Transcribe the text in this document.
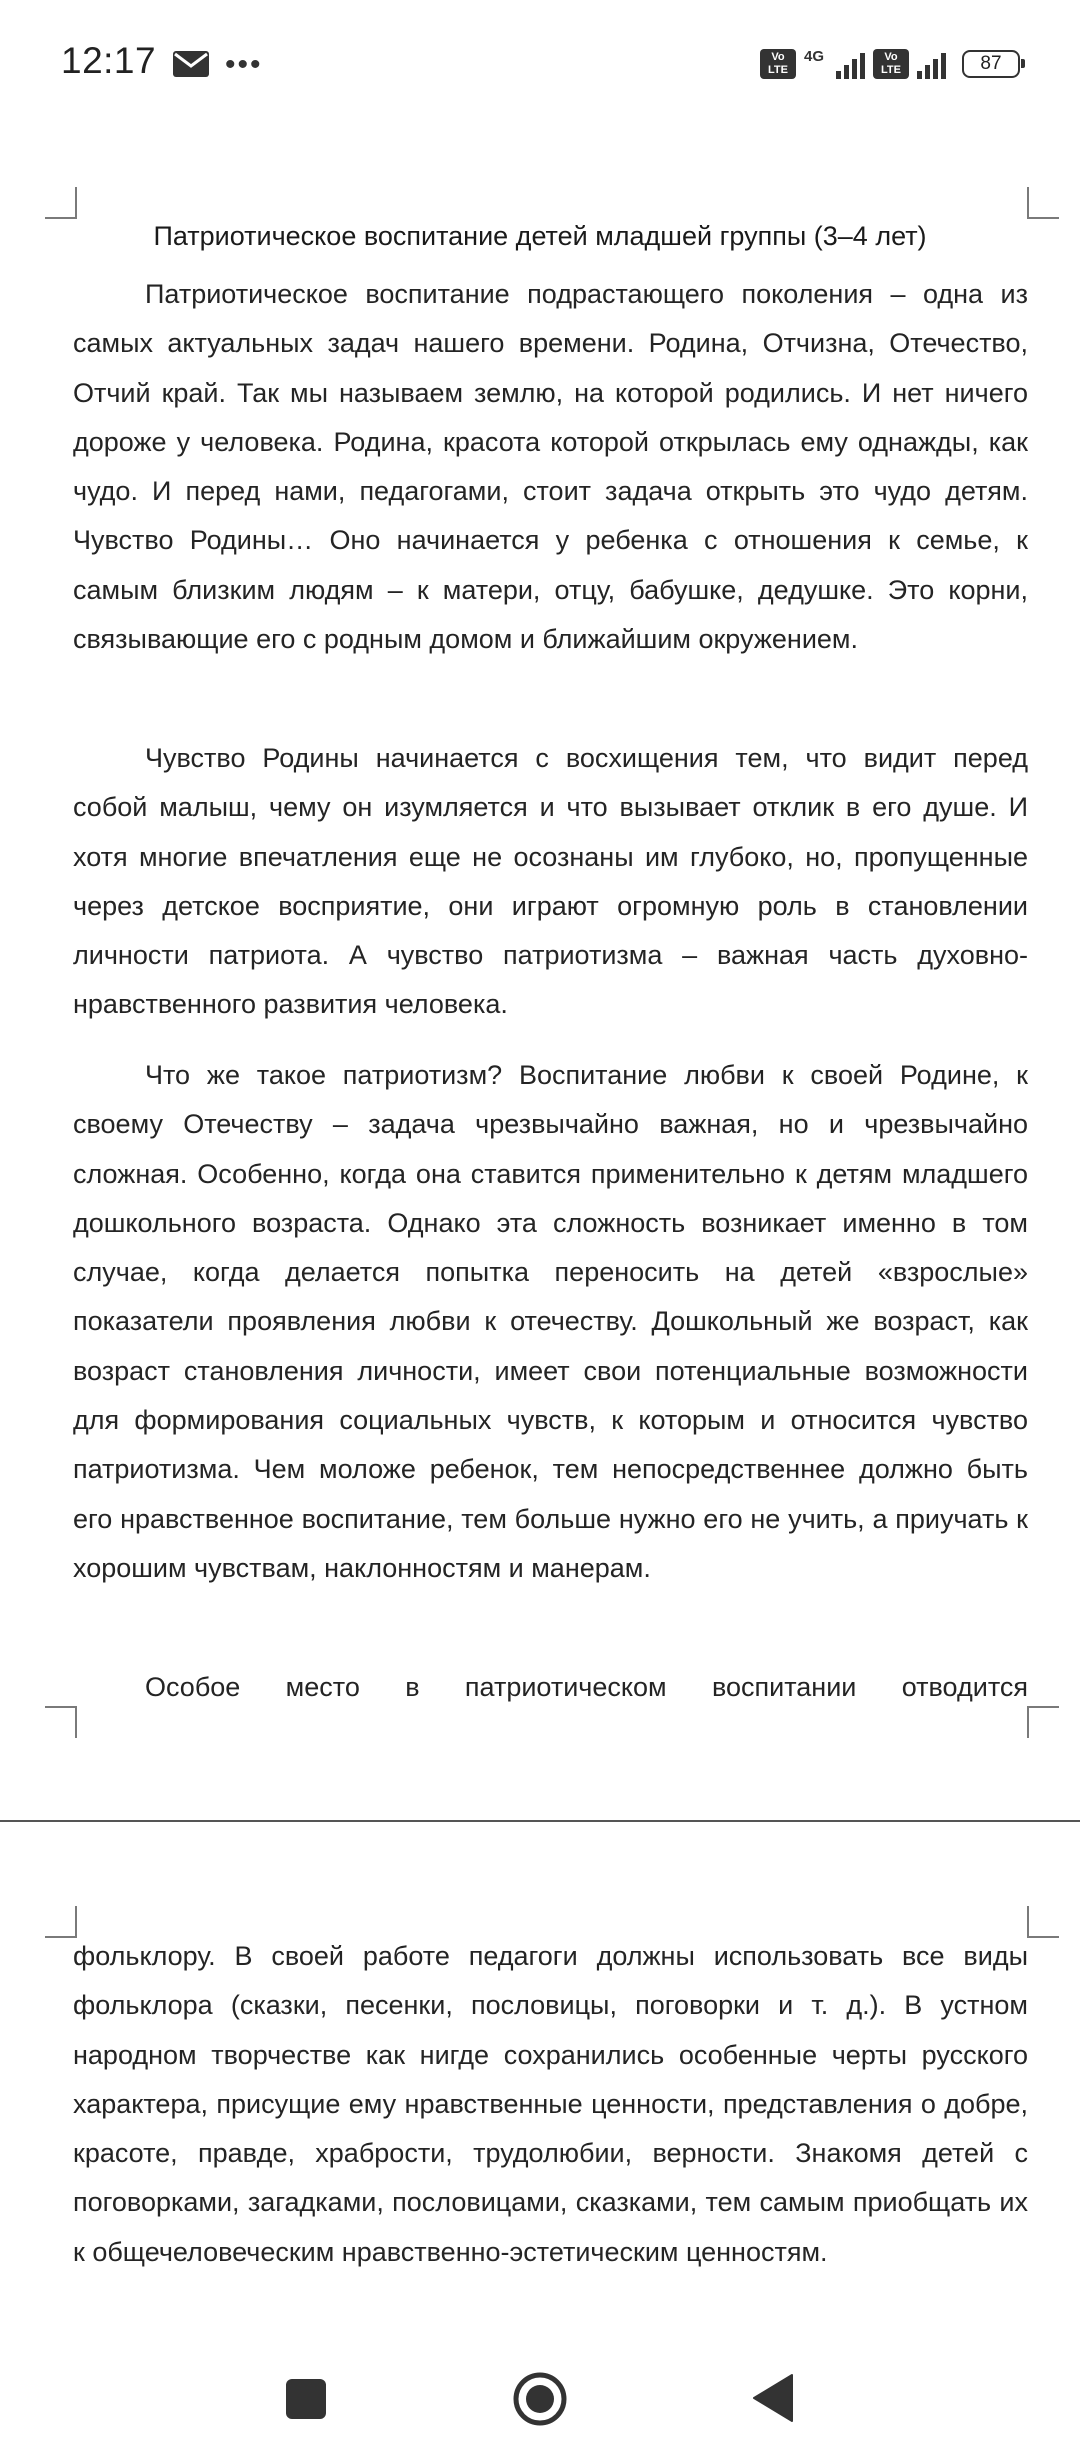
12:17 •••	Vo LTE
4G	Vo LTE	87
Патриотическое воспитание детей младшей группы (3–4 лет)

Патриотическое воспитание подрастающего поколения – одна из самых актуальных задач нашего времени. Родина, Отчизна, Отечество, Отчий край. Так мы называем землю, на которой родились. И нет ничего дороже у человека. Родина, красота которой открылась ему однажды, как чудо. И перед нами, педагогами, стоит задача открыть это чудо детям. Чувство Родины… Оно начинается у ребенка с отношения к семье, к самым близким людям – к матери, отцу, бабушке, дедушке. Это корни, связывающие его с родным домом и ближайшим окружением.

Чувство Родины начинается с восхищения тем, что видит перед собой малыш, чему он изумляется и что вызывает отклик в его душе. И хотя многие впечатления еще не осознаны им глубоко, но, пропущенные через детское восприятие, они играют огромную роль в становлении личности патриота. А чувство патриотизма – важная часть духовно-нравственного развития человека.

Что же такое патриотизм? Воспитание любви к своей Родине, к своему Отечеству – задача чрезвычайно важная, но и чрезвычайно сложная. Особенно, когда она ставится применительно к детям младшего дошкольного возраста. Однако эта сложность возникает именно в том случае, когда делается попытка переносить на детей «взрослые» показатели проявления любви к отечеству. Дошкольный же возраст, как возраст становления личности, имеет свои потенциальные возможности для формирования социальных чувств, к которым и относится чувство патриотизма. Чем моложе ребенок, тем непосредственнее должно быть его нравственное воспитание, тем больше нужно его не учить, а приучать к хорошим чувствам, наклонностям и манерам.

Особое место в патриотическом воспитании отводится

фольклору. В своей работе педагоги должны использовать все виды фольклора (сказки, песенки, пословицы, поговорки и т. д.). В устном народном творчестве как нигде сохранились особенные черты русского характера, присущие ему нравственные ценности, представления о добре, красоте, правде, храбрости, трудолюбии, верности. Знакомя детей с поговорками, загадками, пословицами, сказками, тем самым приобщать их к общечеловеческим нравственно-эстетическим ценностям.
